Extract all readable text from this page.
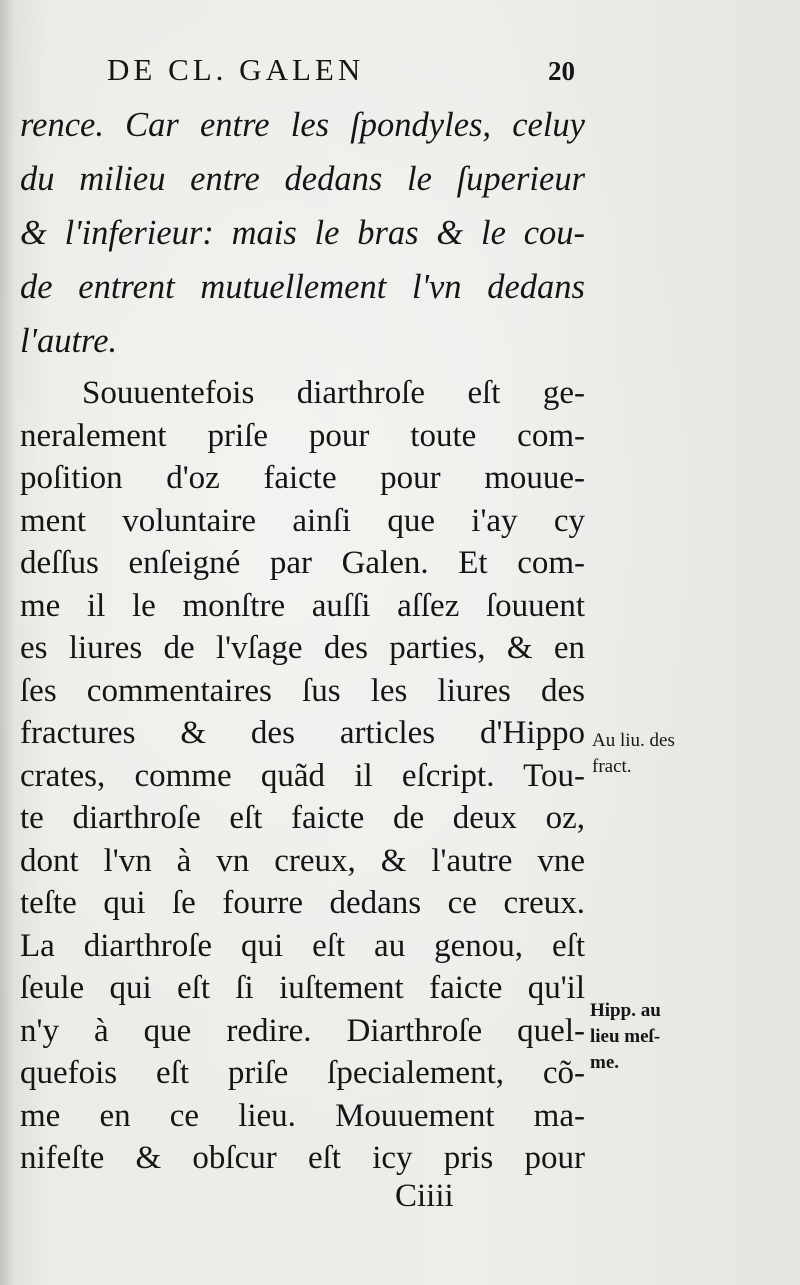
DE CL. GALEN	20
rence. Car entre les ſpondyles, celuy
du milieu entre dedans le ſuperieur
& l'inferieur: mais le bras & le cou-
de entrent mutuellement l'vn dedans
l'autre.
Souuentefois diarthroſe eſt ge-
neralement priſe pour toute com-
poſition d'oz faicte pour mouue-
ment voluntaire ainſi que i'ay cy
deſſus enſeigné par Galen. Et com-
me il le monſtre auſſi aſſez ſouuent
es liures de l'vſage des parties, & en
ſes commentaires ſus les liures des
fractures & des articles d'Hippo
crates, comme quãd il eſcript. Tou-
te diarthroſe eſt faicte de deux oz,
dont l'vn à vn creux, & l'autre vne
teſte qui ſe fourre dedans ce creux.
La diarthroſe qui eſt au genou, eſt
ſeule qui eſt ſi iuſtement faicte qu'il
n'y à que redire. Diarthroſe quel-
quefois eſt priſe ſpecialement, cõ-
me en ce lieu. Mouuement ma-
nifeſte & obſcur eſt icy pris pour
Au liu. des
fract.
Hipp. au
lieu meſ-
me.
Ciiii
